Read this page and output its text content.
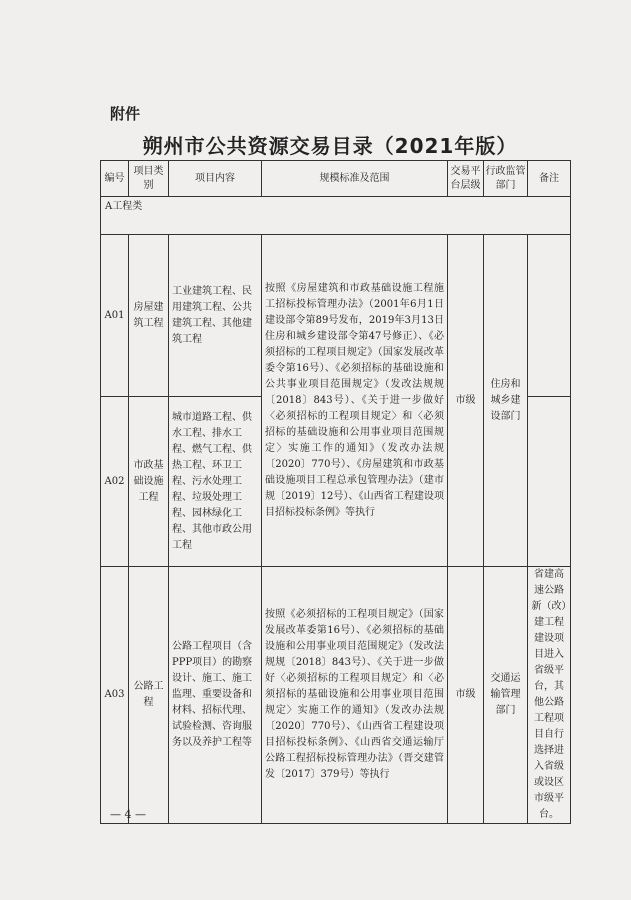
附件
朔州市公共资源交易目录（2021年版）
编号	项目类别	项目内容	规模标准及范围	交易平台层级	行政监管部门	备注
A工程类						
A01	房屋建筑工程	工业建筑工程、民用建筑工程、公共建筑工程、其他建筑工程	按照《房屋建筑和市政基础设施工程施工招标投标管理办法》（2001年6月1日建设部令第89号发布，2019年3月13日住房和城乡建设部令第47号修正）、《必须招标的工程项目规定》（国家发展改革委令第16号）、《必须招标的基础设施和公共事业项目范围规定》（发改法规规〔2018〕843号）、《关于进一步做好〈必须招标的工程项目规定〉和〈必须招标的基础设施和公用事业项目范围规定〉实施工作的通知》（发改办法规〔2020〕770号）、《房屋建筑和市政基础设施项目工程总承包管理办法》（建市规〔2019〕12号）、《山西省工程建设项目招标投标条例》等执行	市级	住房和城乡建设部门	
A02	市政基础设施工程	城市道路工程、供水工程、排水工程、燃气工程、供热工程、环卫工程、污水处理工程、垃圾处理工程、园林绿化工程、其他市政公用工程				
A03	公路工程	公路工程项目（含PPP项目）的勘察设计、施工、施工监理、重要设备和材料、招标代理、试验检测、咨询服务以及养护工程等	按照《必须招标的工程项目规定》（国家发展改革委第16号）、《必须招标的基础设施和公用事业项目范围规定》（发改法规规〔2018〕843号）、《关于进一步做好〈必须招标的工程项目规定〉和〈必须招标的基础设施和公用事业项目范围规定〉实施工作的通知》（发改办法规〔2020〕770号）、《山西省工程建设项目招标投标条例》、《山西省交通运输厅公路工程招标投标管理办法》（晋交建管发〔2017〕379号）等执行	市级	交通运输管理部门	省建高速公路新（改）建工程建设项目进入省级平台，其他公路工程项目自行选择进入省级或设区市级平台。
— 4 —
